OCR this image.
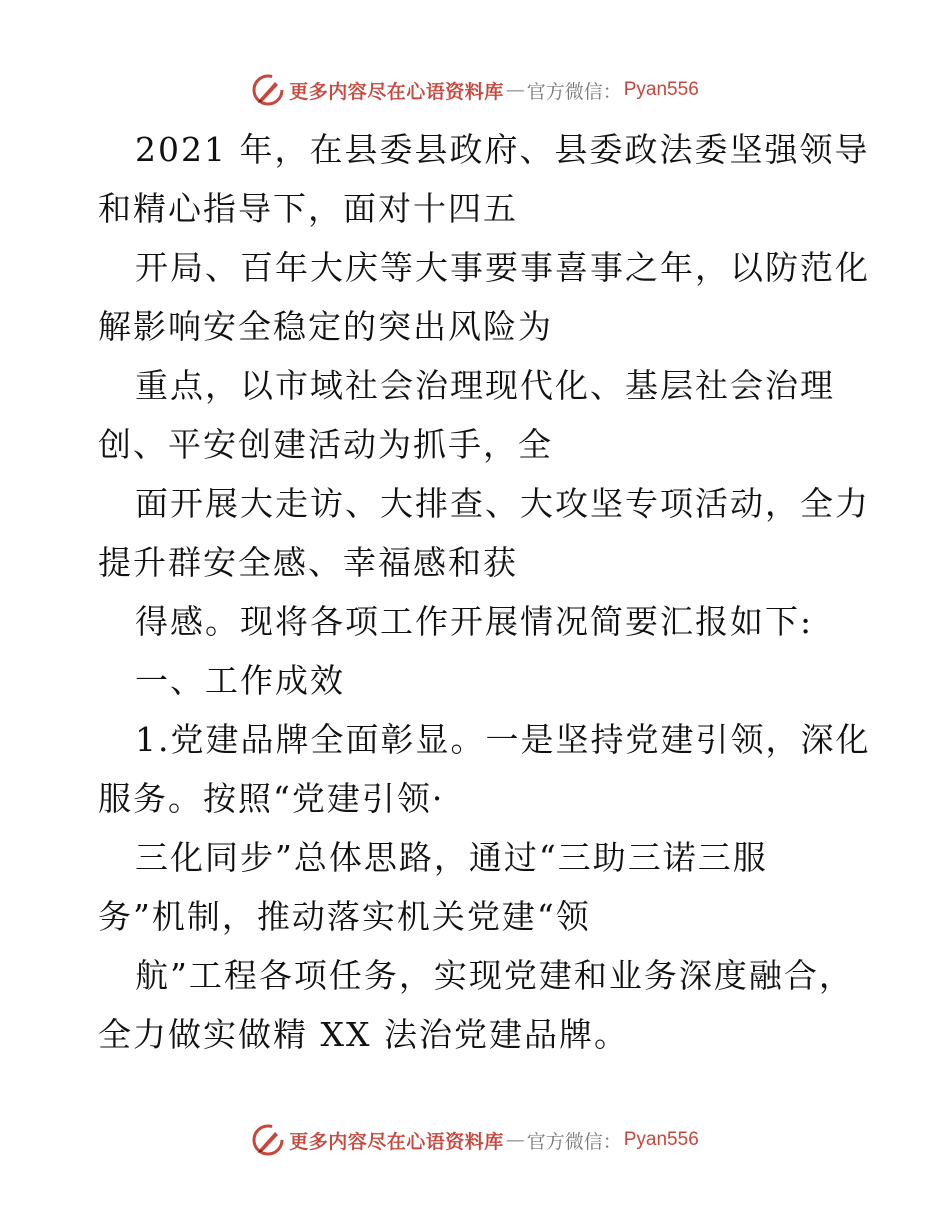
更多内容尽在心语资料库 — 官方微信： Pyan556
2021 年，在县委县政府、县委政法委坚强领导
和精心指导下，面对十四五
开局、百年大庆等大事要事喜事之年，以防范化
解影响安全稳定的突出风险为
重点，以市域社会治理现代化、基层社会治理
创、平安创建活动为抓手，全
面开展大走访、大排查、大攻坚专项活动，全力
提升群安全感、幸福感和获
得感。现将各项工作开展情况简要汇报如下:
一、工作成效
1.党建品牌全面彰显。一是坚持党建引领，深化
服务。按照“党建引领·
三化同步”总体思路，通过“三助三诺三服
务”机制，推动落实机关党建“领
航”工程各项任务，实现党建和业务深度融合，
全力做实做精 XX 法治党建品牌。
更多内容尽在心语资料库 — 官方微信： Pyan556
